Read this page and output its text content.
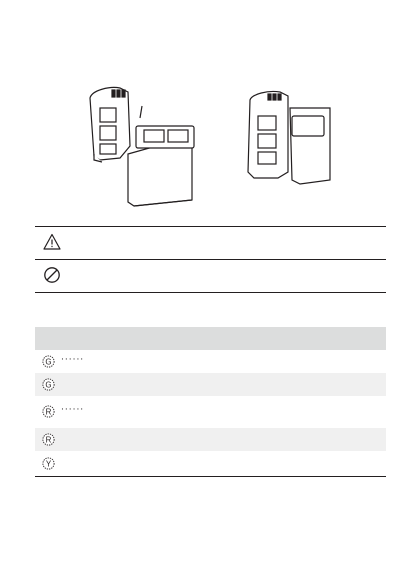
G ······
G
R ······
R
Y
